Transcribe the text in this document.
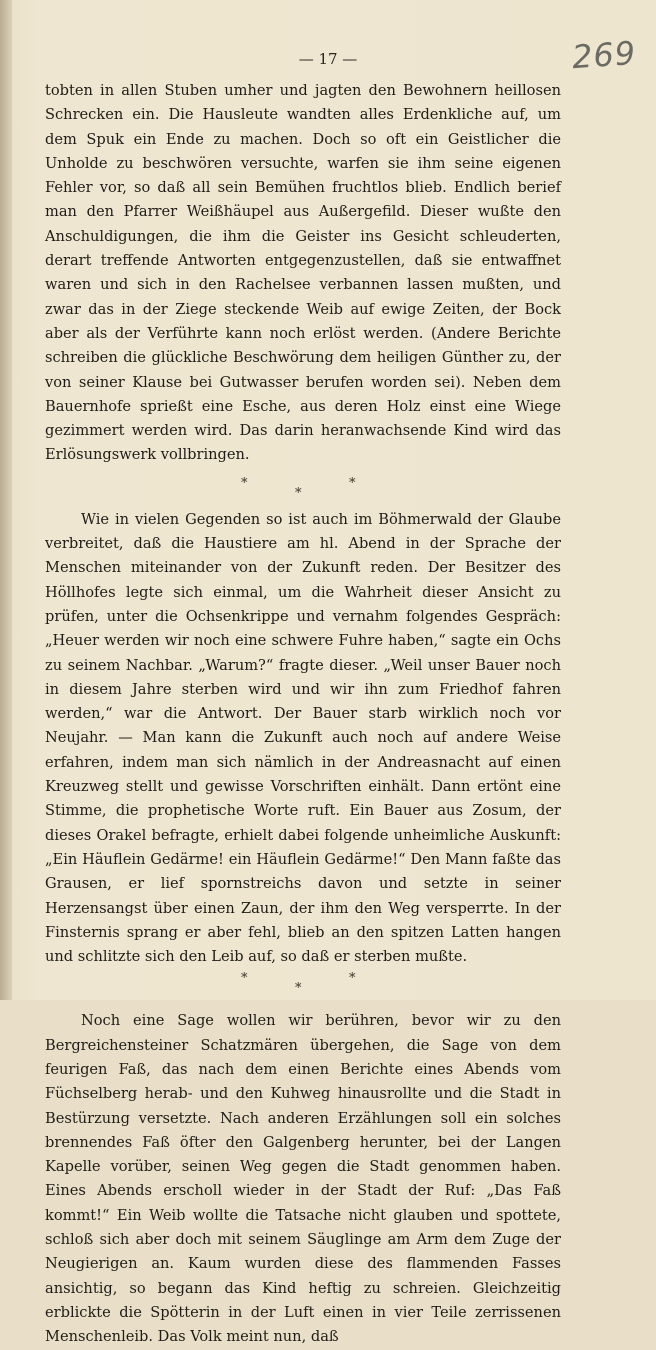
— 17 —	269

tobten in allen Stuben umher und jagten den Bewohnern heillosen Schrecken ein. Die Hausleute wandten alles Erdenkliche auf, um dem Spuk ein Ende zu machen. Doch so oft ein Geistlicher die Unholde zu beschwören versuchte, warfen sie ihm seine eigenen Fehler vor, so daß all sein Bemühen fruchtlos blieb. Endlich berief man den Pfarrer Weißhäupel aus Außergefild. Dieser wußte den Anschuldigungen, die ihm die Geister ins Gesicht schleuderten, derart treffende Antworten entgegenzustellen, daß sie entwaffnet waren und sich in den Rachelsee verbannen lassen mußten, und zwar das in der Ziege steckende Weib auf ewige Zeiten, der Bock aber als der Verführte kann noch erlöst werden. (Andere Berichte schreiben die glückliche Beschwörung dem heiligen Günther zu, der von seiner Klause bei Gutwasser berufen worden sei). Neben dem Bauernhofe sprießt eine Esche, aus deren Holz einst eine Wiege gezimmert werden wird. Das darin heranwachsende Kind wird das Erlösungswerk vollbringen.

*	*
*

Wie in vielen Gegenden so ist auch im Böhmerwald der Glaube verbreitet, daß die Haustiere am hl. Abend in der Sprache der Menschen miteinander von der Zukunft reden. Der Besitzer des Höllhofes legte sich einmal, um die Wahrheit dieser Ansicht zu prüfen, unter die Ochsenkrippe und vernahm folgendes Gespräch: „Heuer werden wir noch eine schwere Fuhre haben,“ sagte ein Ochs zu seinem Nachbar. „Warum?“ fragte dieser. „Weil unser Bauer noch in diesem Jahre sterben wird und wir ihn zum Friedhof fahren werden,“ war die Antwort. Der Bauer starb wirklich noch vor Neujahr. — Man kann die Zukunft auch noch auf andere Weise erfahren, indem man sich nämlich in der Andreasnacht auf einen Kreuzweg stellt und gewisse Vorschriften einhält. Dann ertönt eine Stimme, die prophetische Worte ruft. Ein Bauer aus Zosum, der dieses Orakel befragte, erhielt dabei folgende unheimliche Auskunft: „Ein Häuflein Gedärme! ein Häuflein Gedärme!“ Den Mann faßte das Grausen, er lief spornstreichs davon und setzte in seiner Herzensangst über einen Zaun, der ihm den Weg versperrte. In der Finsternis sprang er aber fehl, blieb an den spitzen Latten hangen und schlitzte sich den Leib auf, so daß er sterben mußte.

*	*
*

Noch eine Sage wollen wir berühren, bevor wir zu den Bergreichensteiner Schatzmären übergehen, die Sage von dem feurigen Faß, das nach dem einen Berichte eines Abends vom Füchselberg herab- und den Kuhweg hinausrollte und die Stadt in Bestürzung versetzte. Nach anderen Erzählungen soll ein solches brennendes Faß öfter den Galgenberg herunter, bei der Langen Kapelle vorüber, seinen Weg gegen die Stadt genommen haben. Eines Abends erscholl wieder in der Stadt der Ruf: „Das Faß kommt!“ Ein Weib wollte die Tatsache nicht glauben und spottete, schloß sich aber doch mit seinem Säuglinge am Arm dem Zuge der Neugierigen an. Kaum wurden diese des flammenden Fasses ansichtig, so begann das Kind heftig zu schreien. Gleichzeitig erblickte die Spötterin in der Luft einen in vier Teile zerrissenen Menschenleib. Das Volk meint nun, daß
